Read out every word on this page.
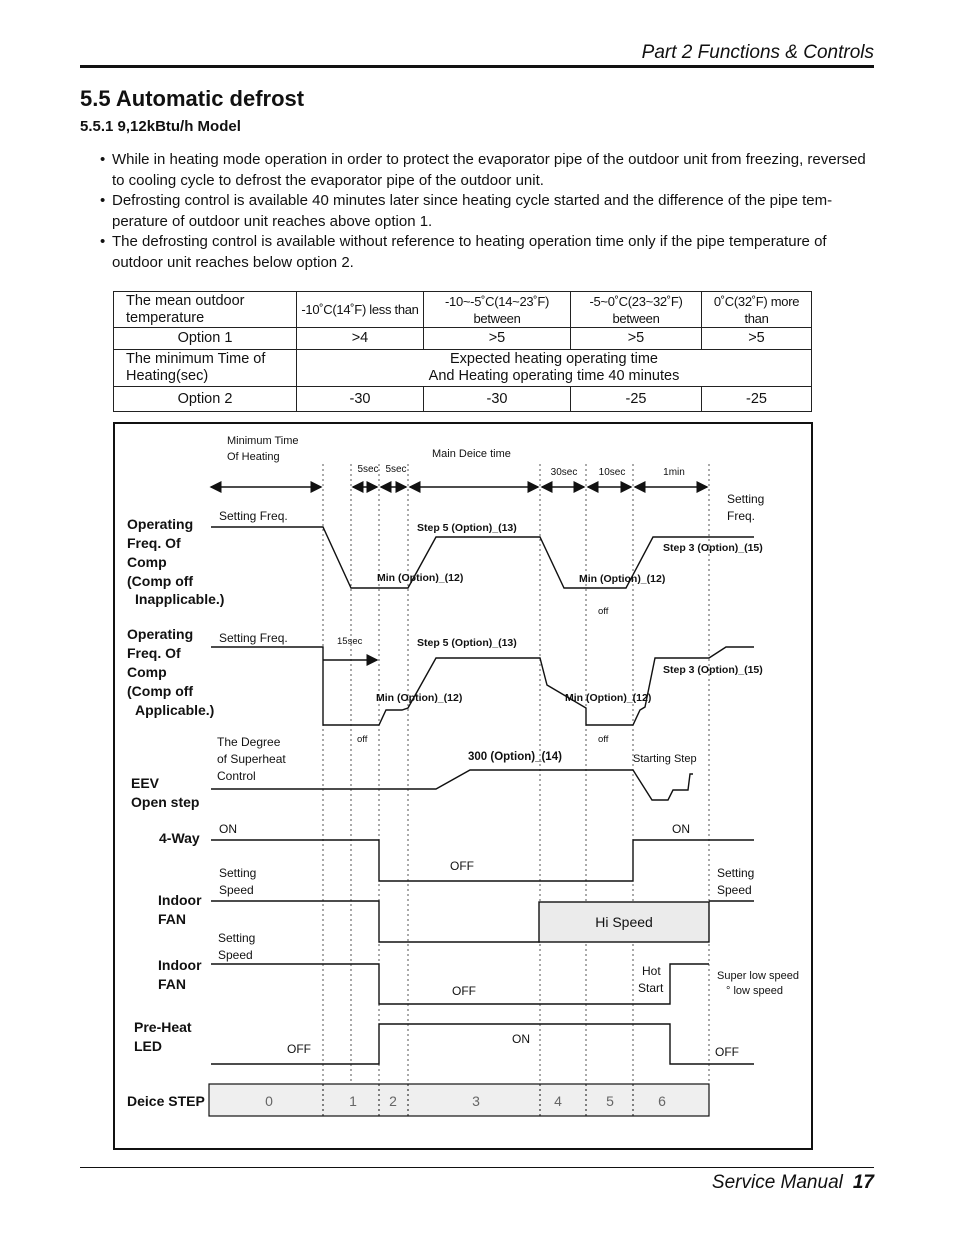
Part 2 Functions & Controls
5.5 Automatic defrost
5.5.1 9,12kBtu/h Model
• While in heating mode operation in order to protect the evaporator pipe of the outdoor unit from freezing, reversed to cooling cycle to defrost the evaporator pipe of the outdoor unit.
• Defrosting control is available 40 minutes later since heating cycle started and the difference of the pipe tem-perature of outdoor unit reaches above option 1.
• The defrosting control is available without reference to heating operation time only if the pipe temperature of outdoor unit reaches below option 2.
The mean outdoor temperature	-10˚C(14˚F) less than	-10~-5˚C(14~23˚F) between	-5~0˚C(23~32˚F) between	0˚C(32˚F) more than
Option 1	>4	>5	>5	>5
The minimum Time of Heating(sec)	Expected heating operating time
And Heating operating time 40 minutes			

Option 2	-30	-30	-25	-25
0	1 2	3	4	5	6
Minimum Time
Of Heating	Main Deice time
5sec 5sec	30sec 10sec	1min
Operating
Freq. Of
Comp
(Comp off
Inapplicable.)
Operating
Freq. Of
Comp
(Comp off
Applicable.)
EEV
Open step
4-Way
Indoor
FAN
Indoor
FAN
Pre-Heat
LED
Deice STEP
Setting Freq.
Setting
Freq.
Setting Freq.
The Degree
of Superheat
Control
ON	ON
OFF
Setting
Speed
Setting
Speed
Setting
Speed
OFF
Hot
Start
OFF
ON
OFF
Hi Speed
Super low speed
° low speed
Starting Step
Step 5 (Option)_(13)
Step 3 (Option)_(15)
Min (Option)_(12)	Min (Option)_(12)
Step 5 (Option)_(13)
Step 3 (Option)_(15)
Min (Option)_(12)	Min (Option)_(12)
300 (Option)_(14)
off
15sec
off	off
Service Manual 17
